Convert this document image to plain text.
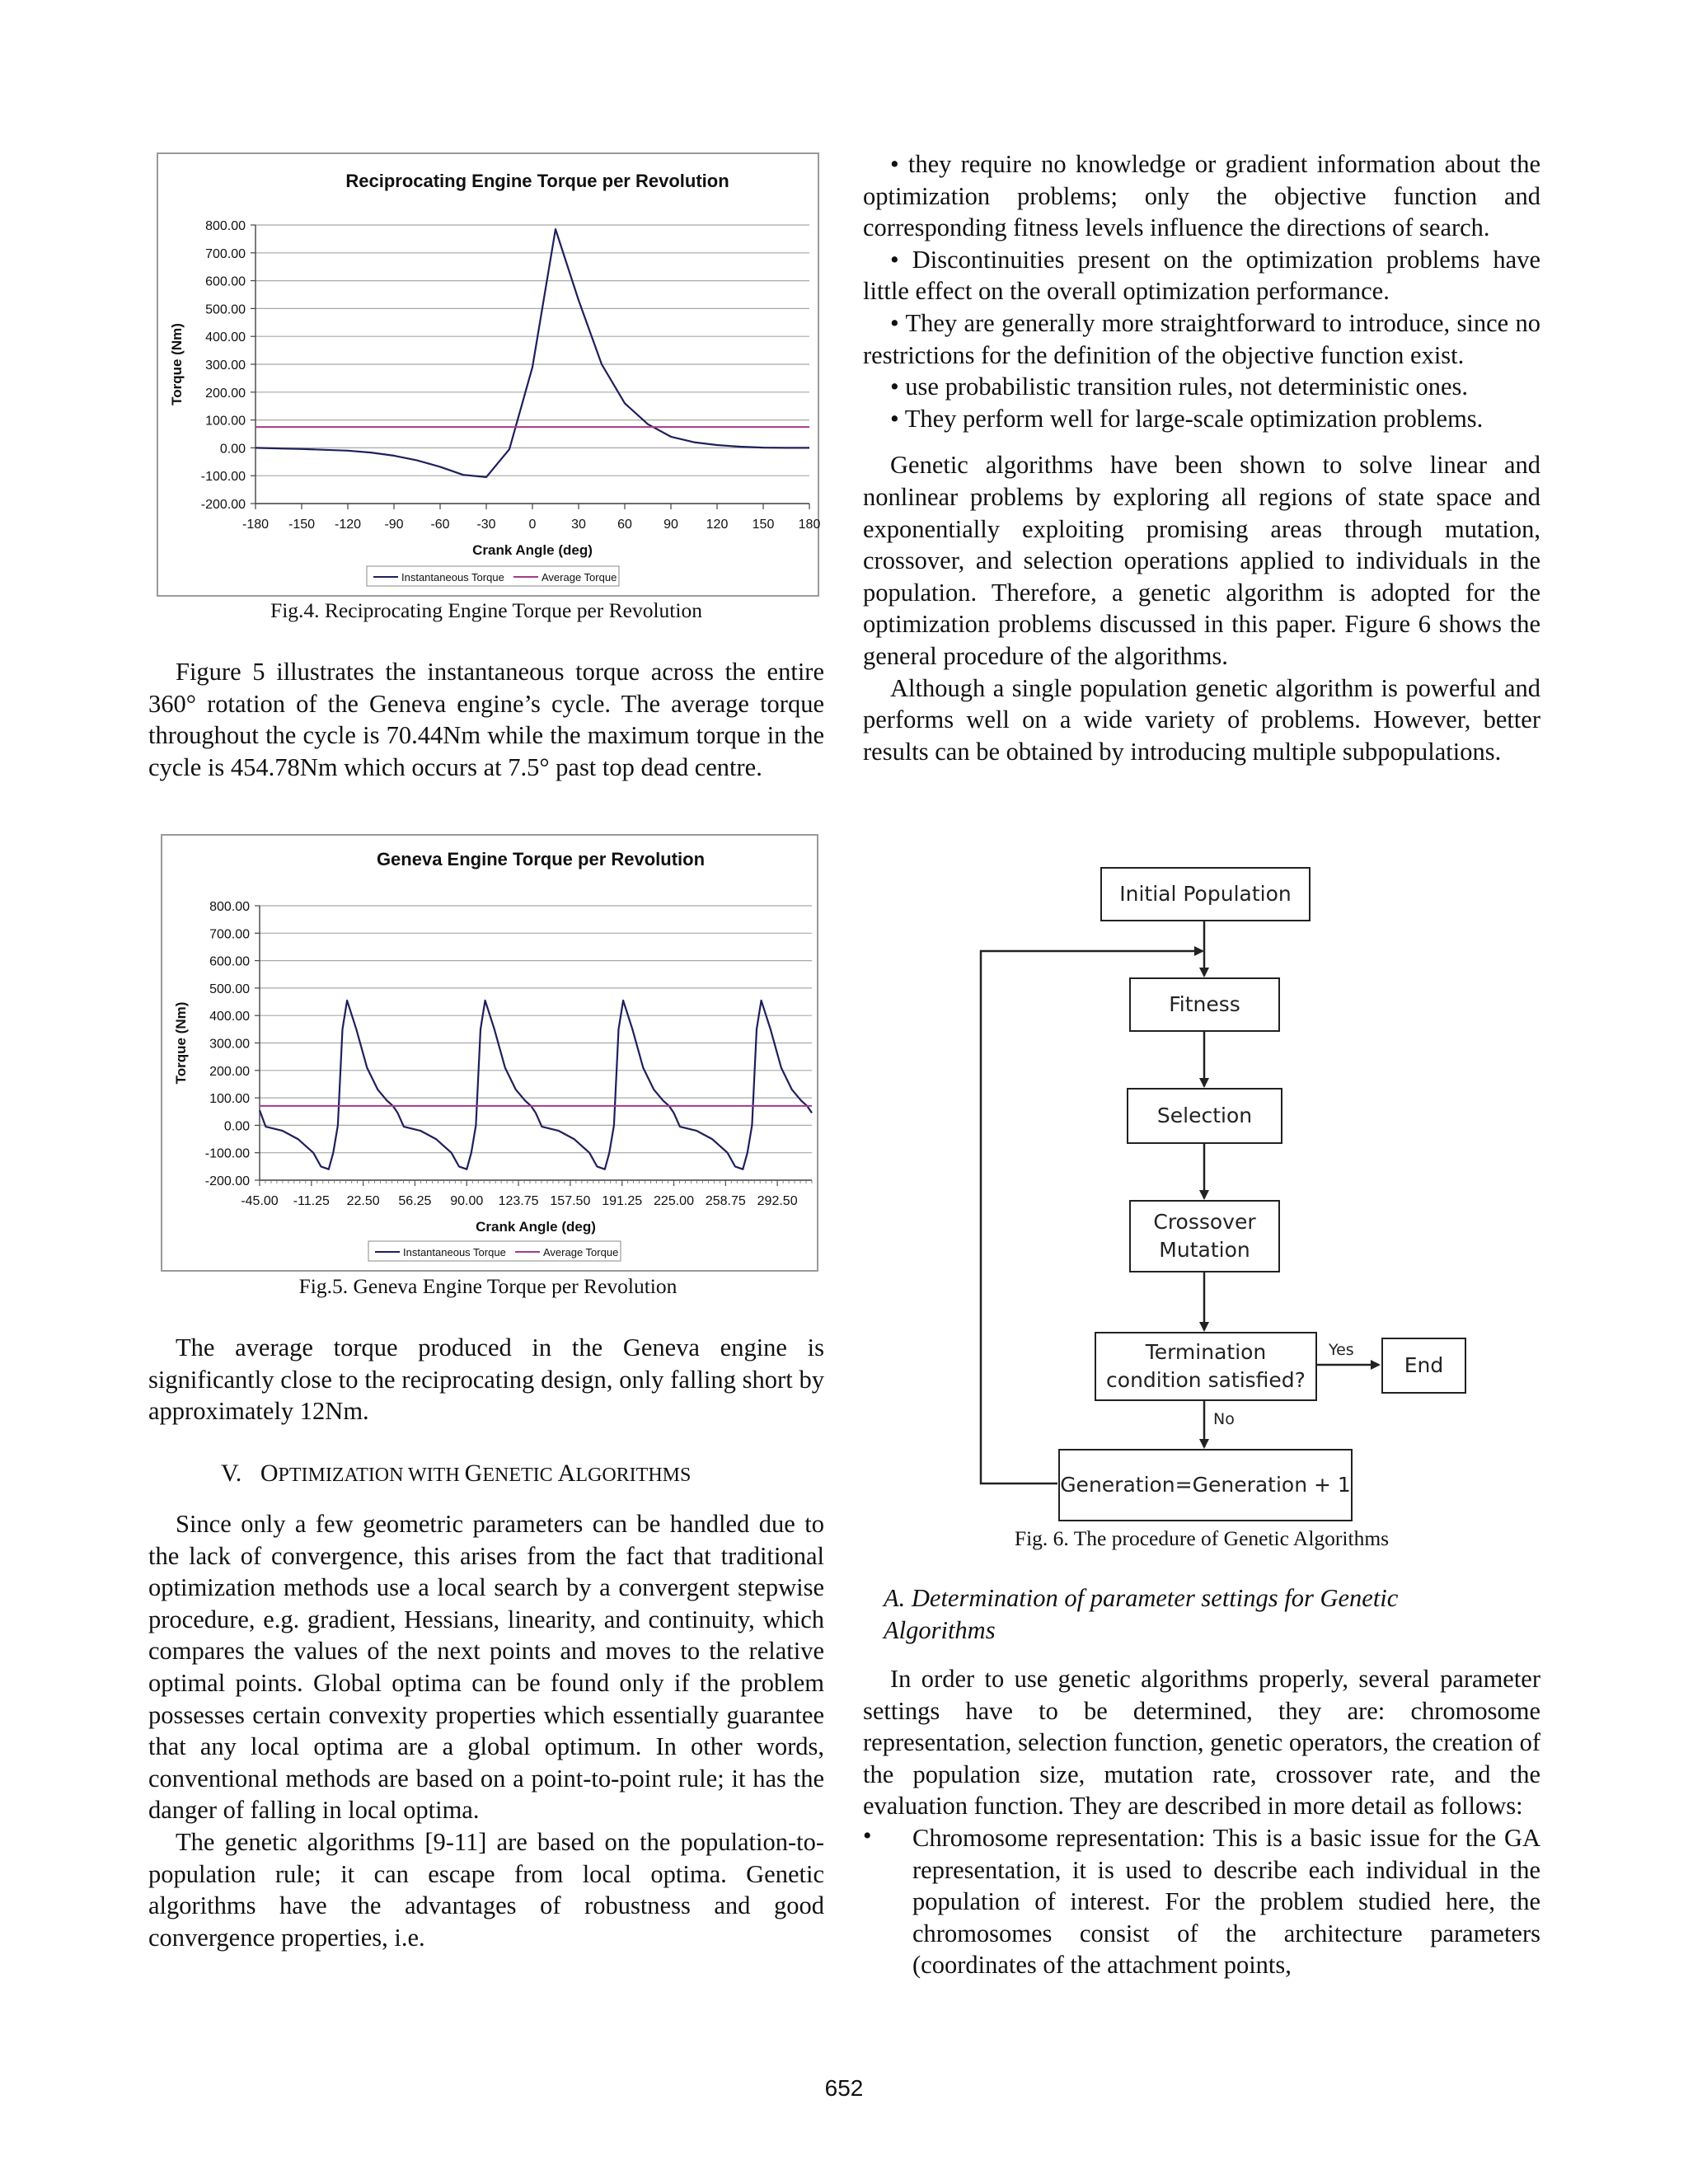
Reciprocating Engine Torque per Revolution
800.00
700.00
600.00
500.00
400.00
300.00
200.00
100.00
0.00
-100.00
-200.00
-180 -150 -120 -90 -60 -30 0	30 60 90 120 150 180
Crank Angle (deg)
Torque (Nm)
Instantaneous Torque	Average Torque
Fig.4. Reciprocating Engine Torque per Revolution

Figure 5 illustrates the instantaneous torque across the entire 360° rotation of the Geneva engine’s cycle. The average torque throughout the cycle is 70.44Nm while the maximum torque in the cycle is 454.78Nm which occurs at 7.5° past top dead centre.

Geneva Engine Torque per Revolution
800.00
700.00
600.00
500.00
400.00
300.00
200.00
100.00
0.00
-100.00
-200.00
-45.00 -11.25 22.50 56.25 90.00 123.75 157.50 191.25 225.00 258.75 292.50
Crank Angle (deg)
Torque (Nm)
Instantaneous Torque	Average Torque
Fig.5. Geneva Engine Torque per Revolution

The average torque produced in the Geneva engine is significantly close to the reciprocating design, only falling short by approximately 12Nm.

V. OPTIMIZATION WITH GENETIC ALGORITHMS

Since only a few geometric parameters can be handled due to the lack of convergence, this arises from the fact that traditional optimization methods use a local search by a convergent stepwise procedure, e.g. gradient, Hessians, linearity, and continuity, which compares the values of the next points and moves to the relative optimal points. Global optima can be found only if the problem possesses certain convexity properties which essentially guarantee that any local optima are a global optimum. In other words, conventional methods are based on a point-to-point rule; it has the danger of falling in local optima.

The genetic algorithms [9-11] are based on the population-to-population rule; it can escape from local optima. Genetic algorithms have the advantages of robustness and good convergence properties, i.e.

• they require no knowledge or gradient information about the optimization problems; only the objective function and corresponding fitness levels influence the directions of search.

• Discontinuities present on the optimization problems have little effect on the overall optimization performance.

• They are generally more straightforward to introduce, since no restrictions for the definition of the objective function exist.

• use probabilistic transition rules, not deterministic ones.

• They perform well for large-scale optimization problems.

Genetic algorithms have been shown to solve linear and nonlinear problems by exploring all regions of state space and exponentially exploiting promising areas through mutation, crossover, and selection operations applied to individuals in the population. Therefore, a genetic algorithm is adopted for the optimization problems discussed in this paper. Figure 6 shows the general procedure of the algorithms.

Although a single population genetic algorithm is powerful and performs well on a wide variety of problems. However, better results can be obtained by introducing multiple subpopulations.

Initial Population
Fitness
Selection
Crossover
Mutation
Termination
condition satisfied?
End
Generation=Generation + 1
Yes
No
Fig. 6. The procedure of Genetic Algorithms
A. Determination of parameter settings for Genetic Algorithms

In order to use genetic algorithms properly, several parameter settings have to be determined, they are: chromosome representation, selection function, genetic operators, the creation of the population size, mutation rate, crossover rate, and the evaluation function. They are described in more detail as follows:

•	Chromosome representation: This is a basic issue for the GA representation, it is used to describe each individual in the population of interest. For the problem studied here, the chromosomes consist of the architecture parameters (coordinates of the attachment points,
652
